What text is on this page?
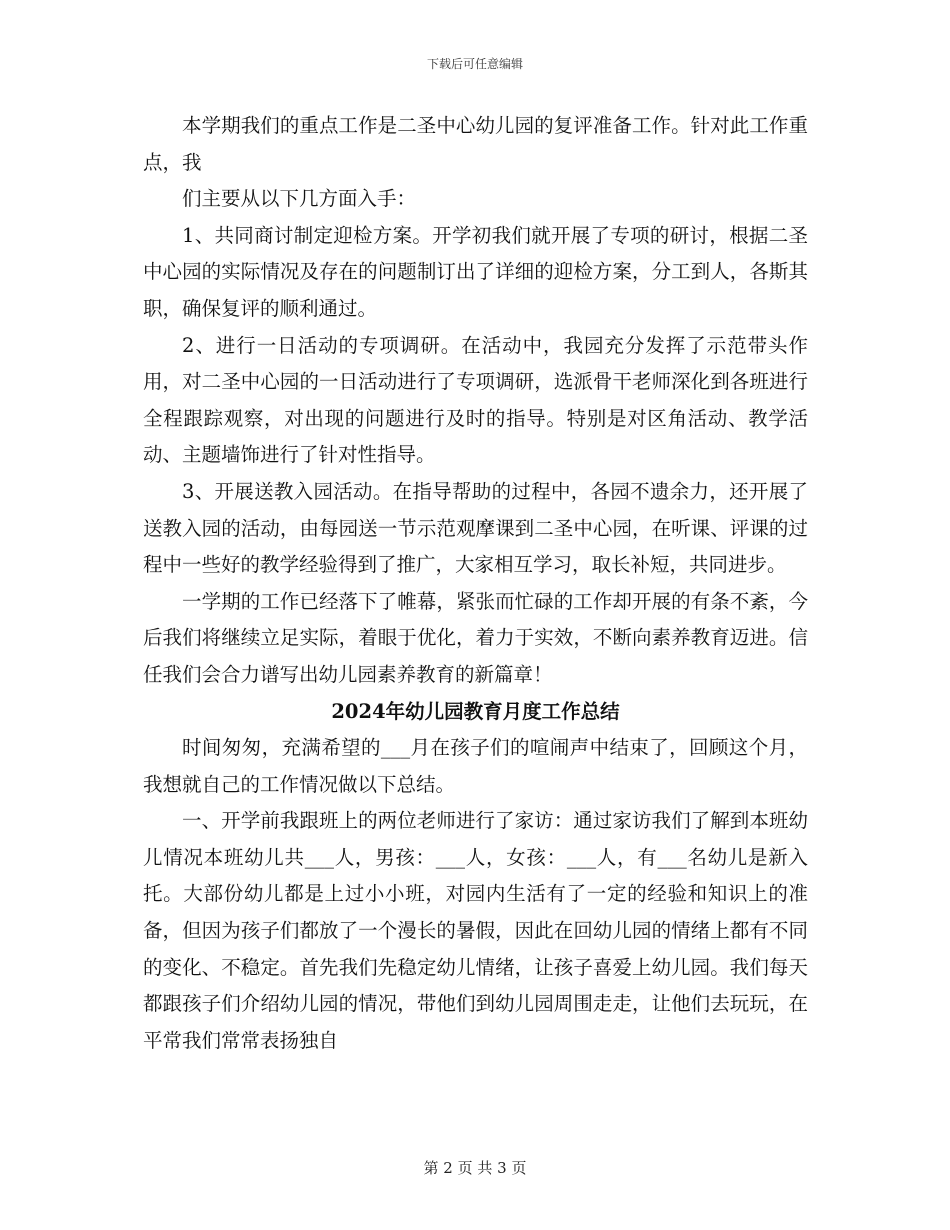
下载后可任意编辑

本学期我们的重点工作是二圣中心幼儿园的复评准备工作。针对此工作重点，我

们主要从以下几方面入手：

1、共同商讨制定迎检方案。开学初我们就开展了专项的研讨，根据二圣中心园的实际情况及存在的问题制订出了详细的迎检方案，分工到人，各斯其职，确保复评的顺利通过。

2、进行一日活动的专项调研。在活动中，我园充分发挥了示范带头作用，对二圣中心园的一日活动进行了专项调研，选派骨干老师深化到各班进行全程跟踪观察，对出现的问题进行及时的指导。特别是对区角活动、教学活动、主题墙饰进行了针对性指导。

3、开展送教入园活动。在指导帮助的过程中，各园不遗余力，还开展了送教入园的活动，由每园送一节示范观摩课到二圣中心园，在听课、评课的过程中一些好的教学经验得到了推广，大家相互学习，取长补短，共同进步。

一学期的工作已经落下了帷幕，紧张而忙碌的工作却开展的有条不紊，今后我们将继续立足实际，着眼于优化，着力于实效，不断向素养教育迈进。信任我们会合力谱写出幼儿园素养教育的新篇章！

2024年幼儿园教育月度工作总结

时间匆匆，充满希望的___月在孩子们的喧闹声中结束了，回顾这个月，我想就自己的工作情况做以下总结。

一、开学前我跟班上的两位老师进行了家访：通过家访我们了解到本班幼儿情况本班幼儿共___人，男孩：___人，女孩：___人，有___名幼儿是新入托。大部份幼儿都是上过小小班，对园内生活有了一定的经验和知识上的准备，但因为孩子们都放了一个漫长的暑假，因此在回幼儿园的情绪上都有不同的变化、不稳定。首先我们先稳定幼儿情绪，让孩子喜爱上幼儿园。我们每天都跟孩子们介绍幼儿园的情况，带他们到幼儿园周围走走，让他们去玩玩，在平常我们常常表扬独自

第 2 页 共 3 页
